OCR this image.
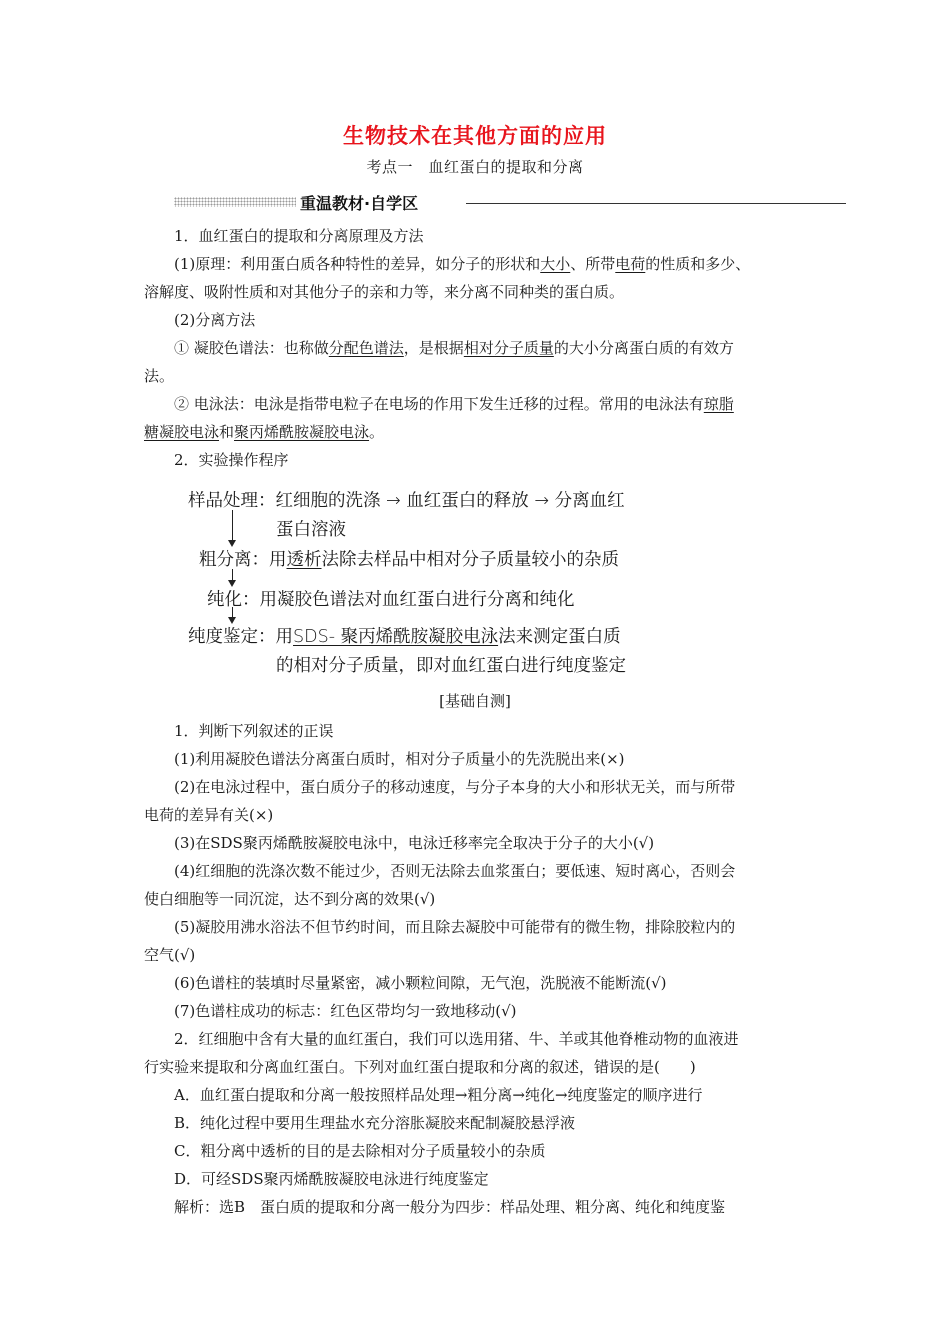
生物技术在其他方面的应用
考点一　血红蛋白的提取和分离
重温教材·自学区
1．血红蛋白的提取和分离原理及方法
(1)原理：利用蛋白质各种特性的差异，如分子的形状和大小、所带电荷的性质和多少、
溶解度、吸附性质和对其他分子的亲和力等，来分离不同种类的蛋白质。
(2)分离方法
① 凝胶色谱法：也称做分配色谱法，是根据相对分子质量的大小分离蛋白质的有效方
法。
② 电泳法：电泳是指带电粒子在电场的作用下发生迁移的过程。常用的电泳法有琼脂
糖凝胶电泳和聚丙烯酰胺凝胶电泳。
2．实验操作程序
样品处理：红细胞的洗涤 → 血红蛋白的释放 → 分离血红
蛋白溶液
粗分离：用透析法除去样品中相对分子质量较小的杂质
纯化：用凝胶色谱法对血红蛋白进行分离和纯化
纯度鉴定：用SDS- 聚丙烯酰胺凝胶电泳法来测定蛋白质
的相对分子质量，即对血红蛋白进行纯度鉴定
[基础自测]
1．判断下列叙述的正误
(1)利用凝胶色谱法分离蛋白质时，相对分子质量小的先洗脱出来(×)
(2)在电泳过程中，蛋白质分子的移动速度，与分子本身的大小和形状无关，而与所带
电荷的差异有关(×)
(3)在SDS聚丙烯酰胺凝胶电泳中，电泳迁移率完全取决于分子的大小(√)
(4)红细胞的洗涤次数不能过少，否则无法除去血浆蛋白；要低速、短时离心，否则会
使白细胞等一同沉淀，达不到分离的效果(√)
(5)凝胶用沸水浴法不但节约时间，而且除去凝胶中可能带有的微生物，排除胶粒内的
空气(√)
(6)色谱柱的装填时尽量紧密，减小颗粒间隙，无气泡，洗脱液不能断流(√)
(7)色谱柱成功的标志：红色区带均匀一致地移动(√)
2．红细胞中含有大量的血红蛋白，我们可以选用猪、牛、羊或其他脊椎动物的血液进
行实验来提取和分离血红蛋白。下列对血红蛋白提取和分离的叙述，错误的是(　　)
A．血红蛋白提取和分离一般按照样品处理→粗分离→纯化→纯度鉴定的顺序进行
B．纯化过程中要用生理盐水充分溶胀凝胶来配制凝胶悬浮液
C．粗分离中透析的目的是去除相对分子质量较小的杂质
D．可经SDS聚丙烯酰胺凝胶电泳进行纯度鉴定
解析：选B　蛋白质的提取和分离一般分为四步：样品处理、粗分离、纯化和纯度鉴
